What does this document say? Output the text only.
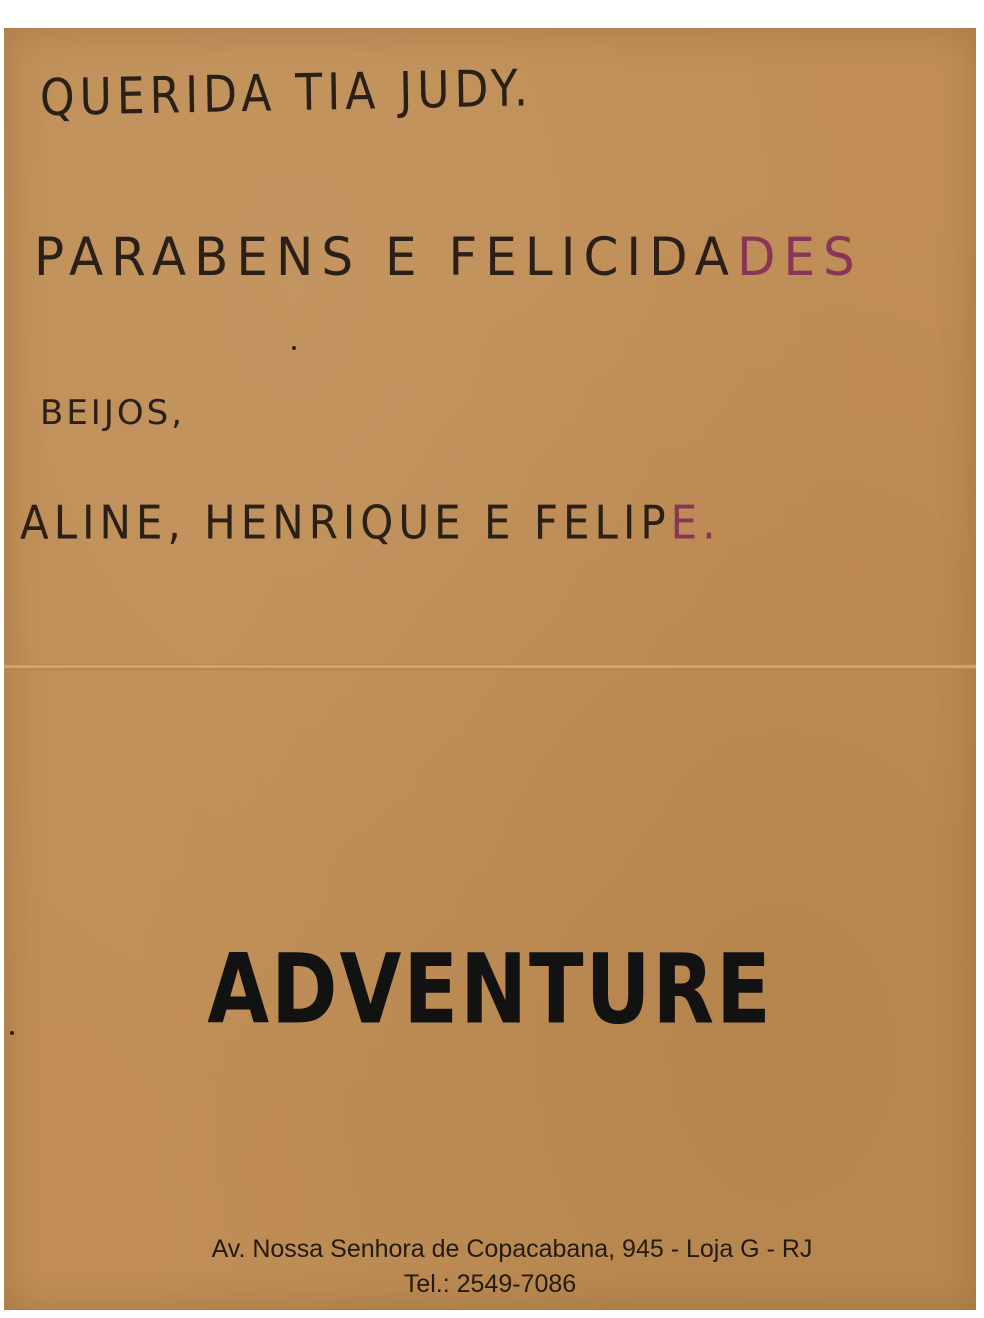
QUERIDA TIA JUDY.
PARABENS E FELICIDADES
BEIJOS,
ALINE, HENRIQUE E FELIPE.
ADVENTURE
Av. Nossa Senhora de Copacabana, 945 - Loja G - RJ
Tel.: 2549-7086
